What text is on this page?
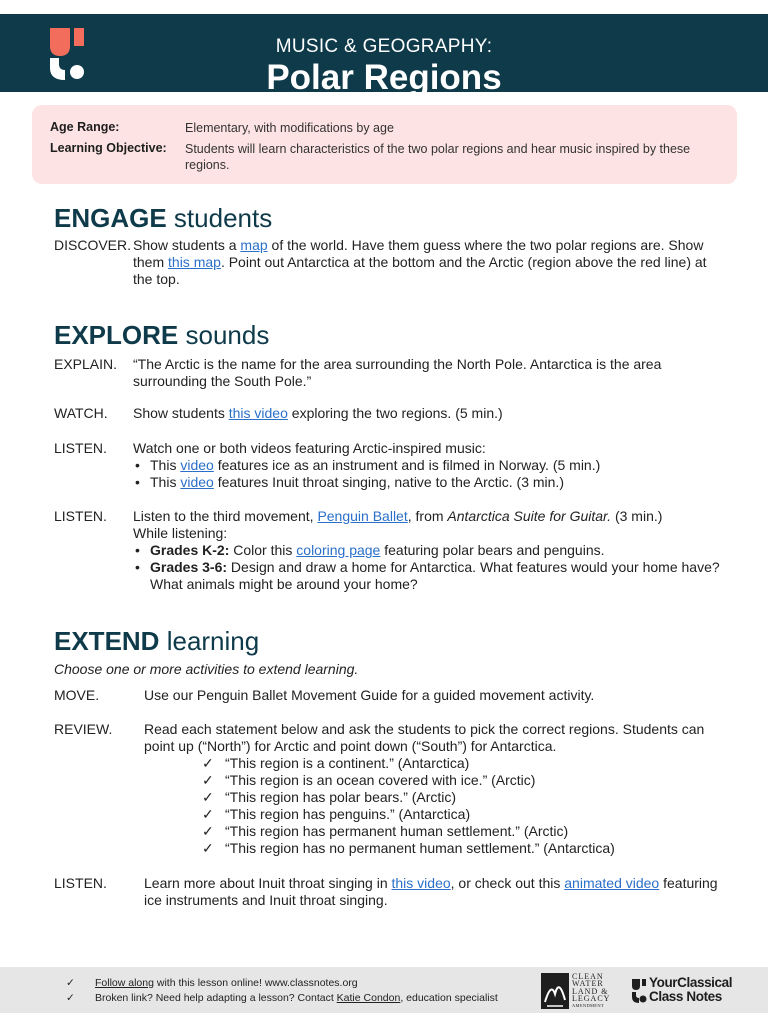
MUSIC & GEOGRAPHY:
Polar Regions
Age Range:	Elementary, with modifications by age
Learning Objective:	Students will learn characteristics of the two polar regions and hear music inspired by these regions.
ENGAGE students
DISCOVER. Show students a map of the world. Have them guess where the two polar regions are. Show them this map. Point out Antarctica at the bottom and the Arctic (region above the red line) at the top.
EXPLORE sounds
EXPLAIN. “The Arctic is the name for the area surrounding the North Pole. Antarctica is the area surrounding the South Pole.”
WATCH. Show students this video exploring the two regions. (5 min.)
LISTEN. Watch one or both videos featuring Arctic-inspired music:
• This video features ice as an instrument and is filmed in Norway. (5 min.)
• This video features Inuit throat singing, native to the Arctic. (3 min.)
LISTEN. Listen to the third movement, Penguin Ballet, from Antarctica Suite for Guitar. (3 min.)
While listening:
• Grades K-2: Color this coloring page featuring polar bears and penguins.
• Grades 3-6: Design and draw a home for Antarctica. What features would your home have? What animals might be around your home?
EXTEND learning
Choose one or more activities to extend learning.
MOVE.	Use our Penguin Ballet Movement Guide for a guided movement activity.
REVIEW. Read each statement below and ask the students to pick the correct regions. Students can point up (“North”) for Arctic and point down (“South”) for Antarctica.
✓ “This region is a continent.” (Antarctica)
✓ “This region is an ocean covered with ice.” (Arctic)
✓ “This region has polar bears.” (Arctic)
✓ “This region has penguins.” (Antarctica)
✓ “This region has permanent human settlement.” (Arctic)
✓ “This region has no permanent human settlement.” (Antarctica)
LISTEN.	Learn more about Inuit throat singing in this video, or check out this animated video featuring ice instruments and Inuit throat singing.
✓ Follow along with this lesson online! www.classnotes.org
✓ Broken link? Need help adapting a lesson? Contact Katie Condon, education specialist
CLEAN
WATER
LAND &
LEGACY
AMENDMENT
YourClassical
Class Notes
